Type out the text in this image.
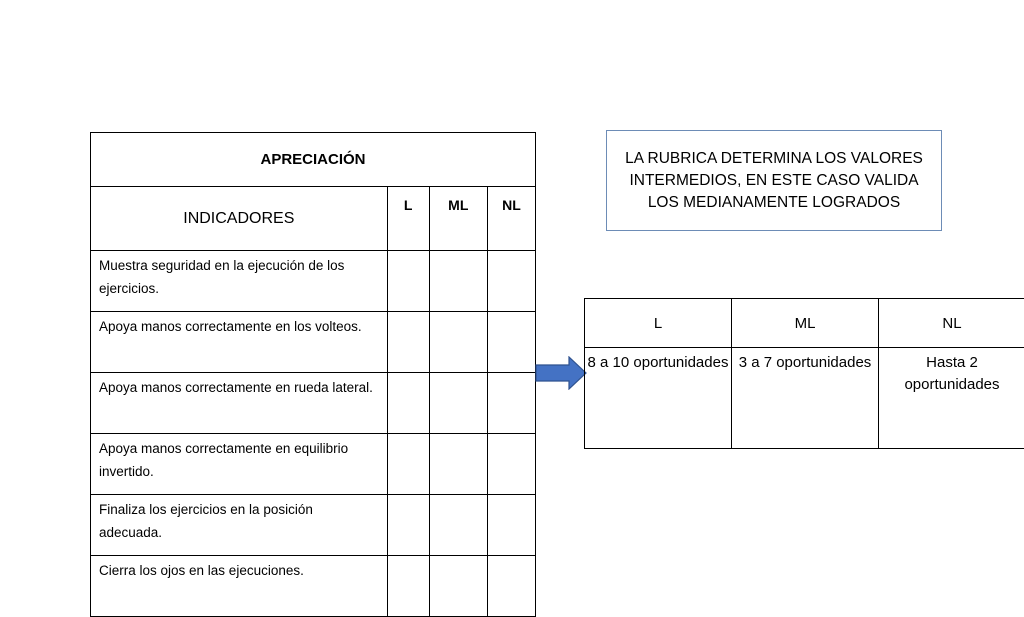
APRECIACIÓN			
INDICADORES	L	ML	NL
Muestra seguridad en la ejecución de los ejercicios.			
Apoya manos correctamente en los volteos.			
Apoya manos correctamente en rueda lateral.			
Apoya manos correctamente en equilibrio invertido.			
Finaliza los ejercicios en la posición adecuada.			
Cierra los ojos en las ejecuciones.			
LA RUBRICA DETERMINA LOS VALORES INTERMEDIOS, EN ESTE CASO VALIDA LOS MEDIANAMENTE LOGRADOS
L	ML	NL
8 a 10 oportunidades	3 a 7 oportunidades	Hasta 2 oportunidades
